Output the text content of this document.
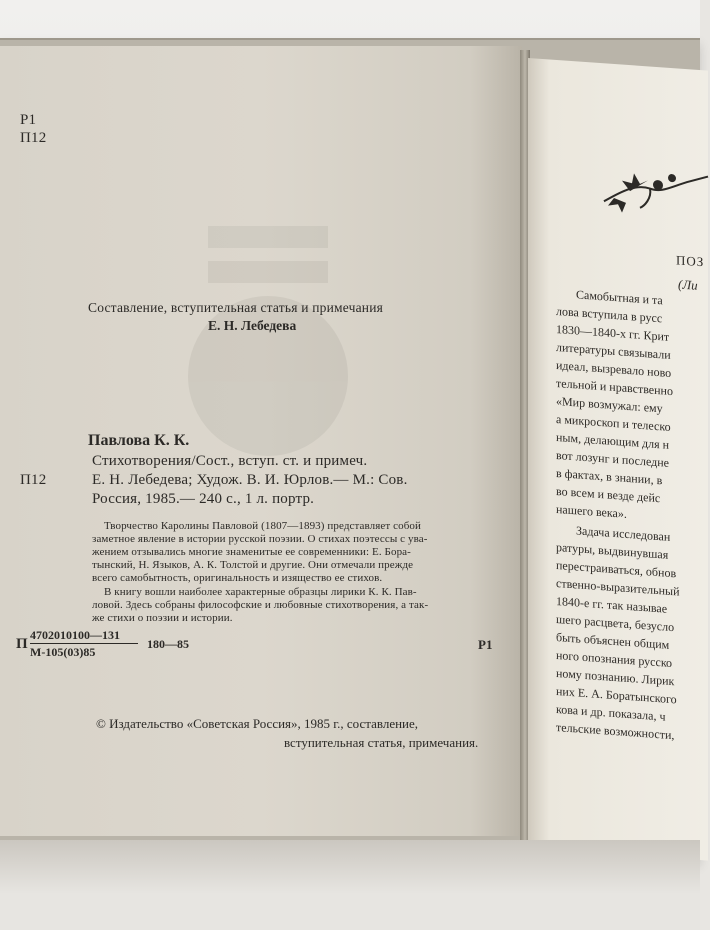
Р1
П12
Составление, вступительная статья и примечания
Е. Н. Лебедева
Павлова К. К.
Стихотворения/Сост., вступ. ст. и примеч.
П12	Е. Н. Лебедева; Худож. В. И. Юрлов.— М.: Сов.
Россия, 1985.— 240 с., 1 л. портр.
Творчество Каролины Павловой (1807—1893) представляет собой
заметное явление в истории русской поэзии. О стихах поэтессы с ува-
жением отзывались многие знаменитые ее современники: Е. Бора-
тынский, Н. Языков, А. К. Толстой и другие. Они отмечали прежде
всего самобытность, оригинальность и изящество ее стихов.
В книгу вошли наиболее характерные образцы лирики К. К. Пав-
ловой. Здесь собраны философские и любовные стихотворения, а так-
же стихи о поэзии и истории.
П
4702010100—131
М-105(03)85
180—85	Р1
© Издательство «Советская Россия», 1985 г., составление,
вступительная статья, примечания.
ПОЗ
(Ли
Самобытная и та
лова вступила в русс
1830—1840-х гг. Крит
литературы связывали
идеал, вызревало ново
тельной и нравственно
«Мир возмужал: ему
а микроскоп и телеско
ным, делающим для н
вот лозунг и последне
в фактах, в знании, в
во всем и везде дейс
нашего века».
Задача исследован
ратуры, выдвинувшая
перестраиваться, обнов
ственно-выразительный
1840-е гг. так называе
шего расцвета, безусло
быть объяснен общим
ного опознания русско
ному познанию. Лирик
них Е. А. Боратынского
кова и др. показала, ч
тельские возможности,
